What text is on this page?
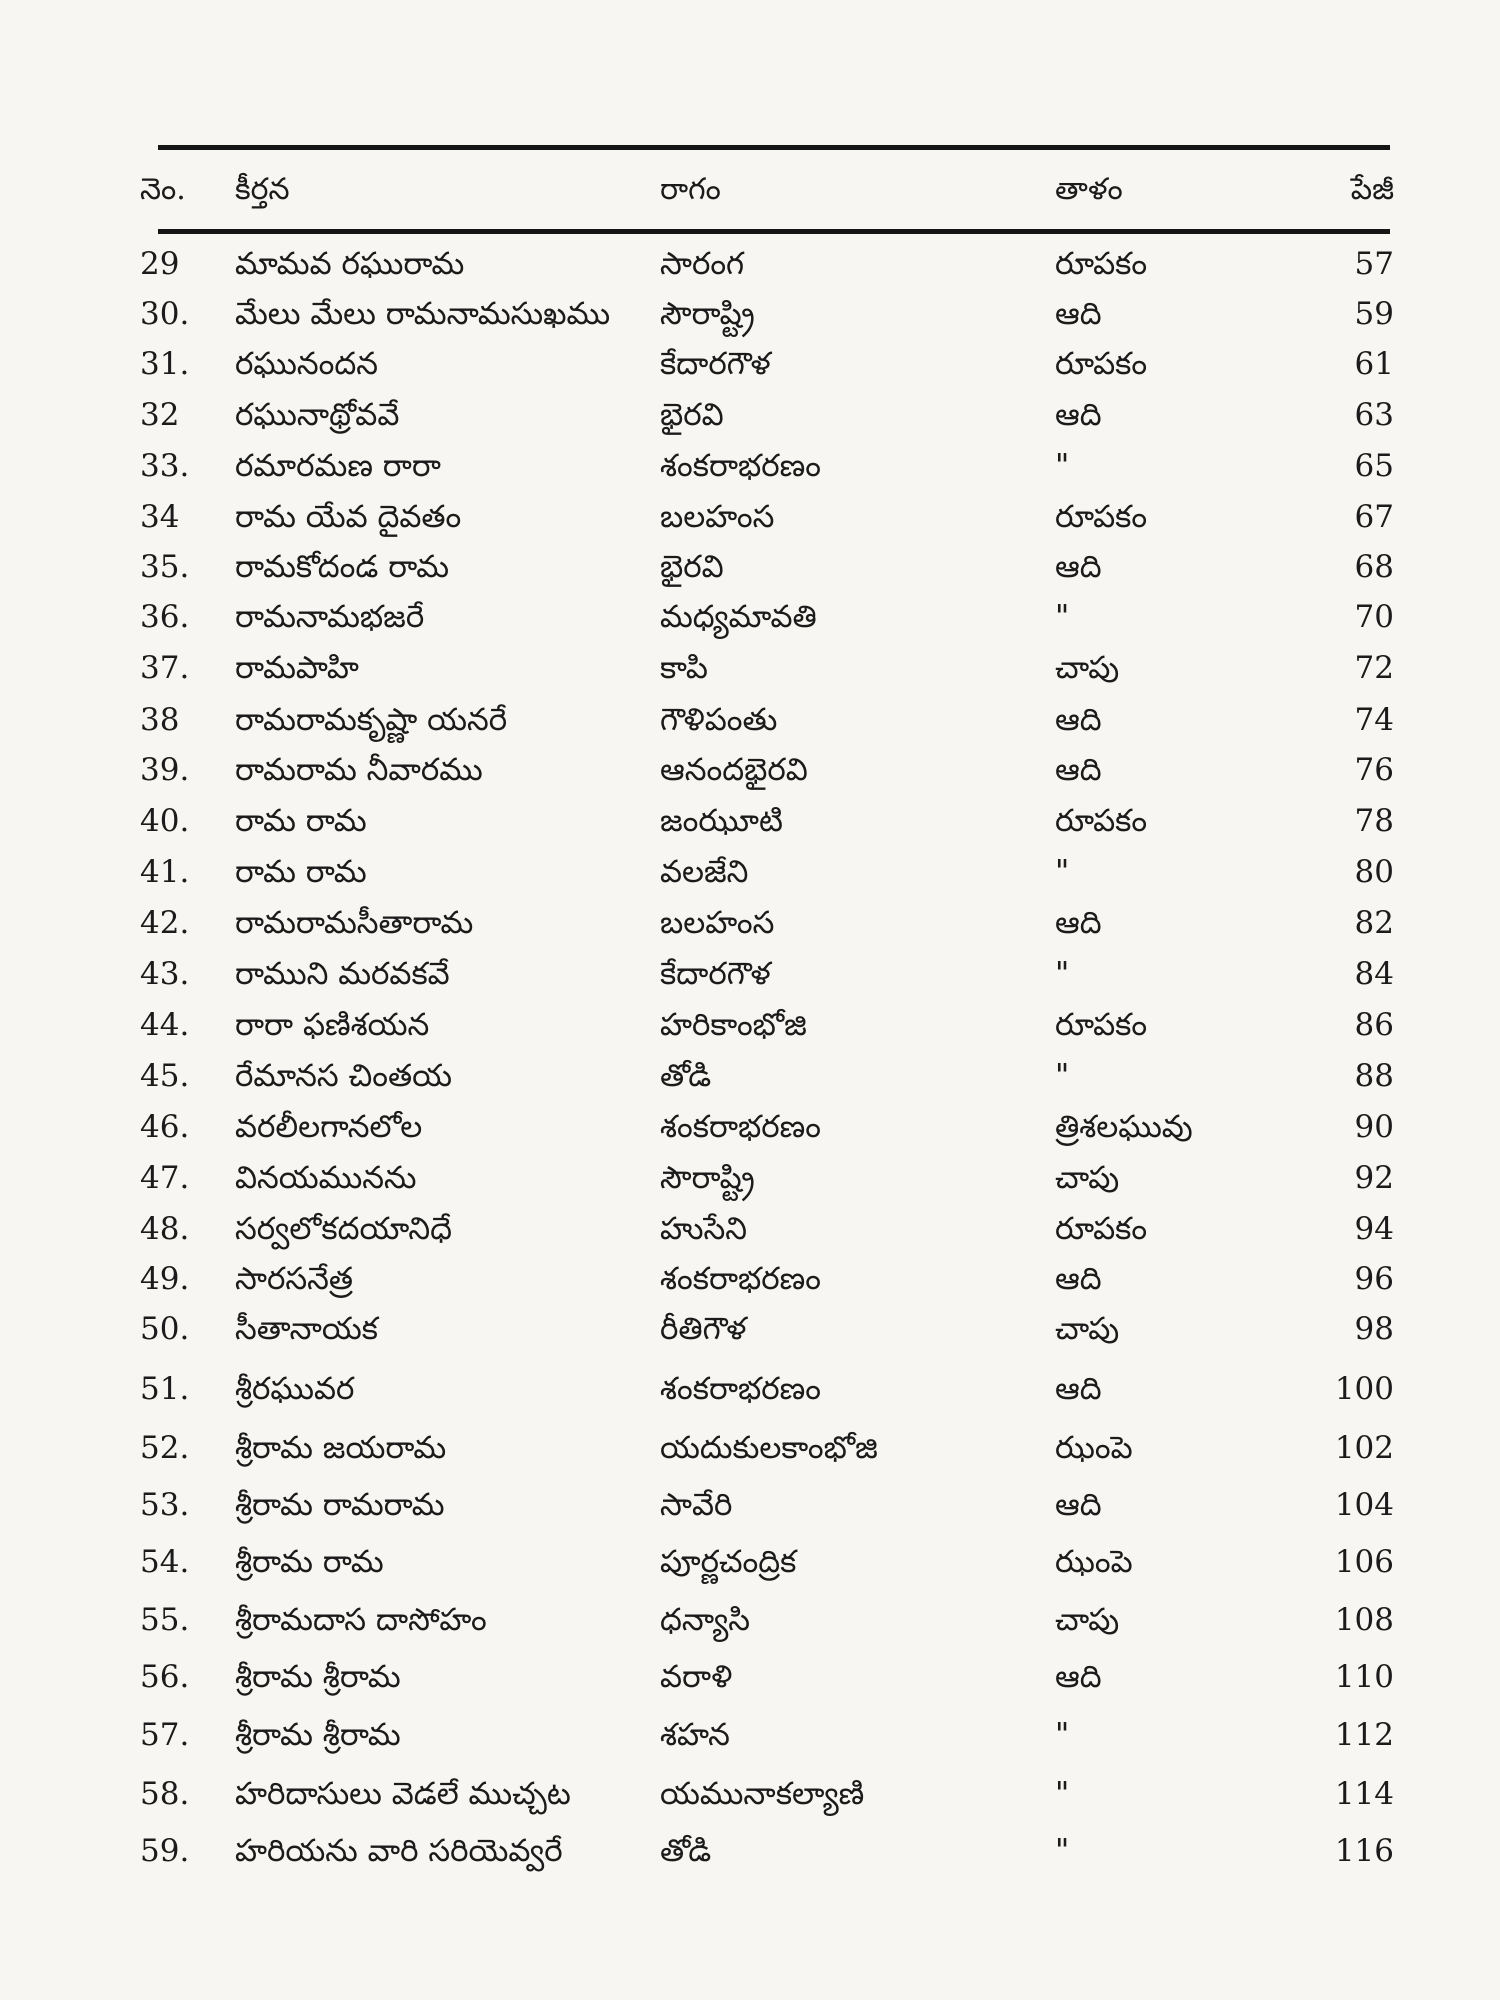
నెం.	కీర్తన	రాగం	తాళం	పేజీ
29	మామవ రఘురామ	సారంగ	రూపకం	57
30.	మేలు మేలు రామనామసుఖము	సౌరాష్ట్రి	ఆది	59
31.	రఘునందన	కేదారగౌళ	రూపకం	61
32	రఘునాథ్రోవవే	భైరవి	ఆది	63
33.	రమారమణ రారా	శంకరాభరణం	"	65
34	రామ యేవ దైవతం	బలహంస	రూపకం	67
35.	రామకోదండ రామ	భైరవి	ఆది	68
36.	రామనామభజరే	మధ్యమావతి	"	70
37.	రామపాహి	కాపి	చాపు	72
38	రామరామకృష్ణా యనరే	గౌళిపంతు	ఆది	74
39.	రామరామ నీవారము	ఆనందభైరవి	ఆది	76
40.	రామ రామ	జంఝూటి	రూపకం	78
41.	రామ రామ	వలజేని	"	80
42.	రామరామసీతారామ	బలహంస	ఆది	82
43.	రాముని మరవకవే	కేదారగౌళ	"	84
44.	రారా ఫణిశయన	హరికాంభోజి	రూపకం	86
45.	రేమానస చింతయ	తోడి	"	88
46.	వరలీలగానలోల	శంకరాభరణం	త్రిశలఘువు	90
47.	వినయమునను	సౌరాష్ట్రి	చాపు	92
48.	సర్వలోకదయానిధే	హుసేని	రూపకం	94
49.	సారసనేత్ర	శంకరాభరణం	ఆది	96
50.	సీతానాయక	రీతిగౌళ	చాపు	98
51.	శ్రీరఘువర	శంకరాభరణం	ఆది	100
52.	శ్రీరామ జయరామ	యదుకులకాంభోజి	ఝంపె	102
53.	శ్రీరామ రామరామ	సావేరి	ఆది	104
54.	శ్రీరామ రామ	పూర్ణచంద్రిక	ఝంపె	106
55.	శ్రీరామదాస దాసోహం	ధన్యాసి	చాపు	108
56.	శ్రీరామ శ్రీరామ	వరాళి	ఆది	110
57.	శ్రీరామ శ్రీరామ	శహన	"	112
58.	హరిదాసులు వెడలే ముచ్చట	యమునాకల్యాణి	"	114
59.	హరియను వారి సరియెవ్వరే	తోడి	"	116
